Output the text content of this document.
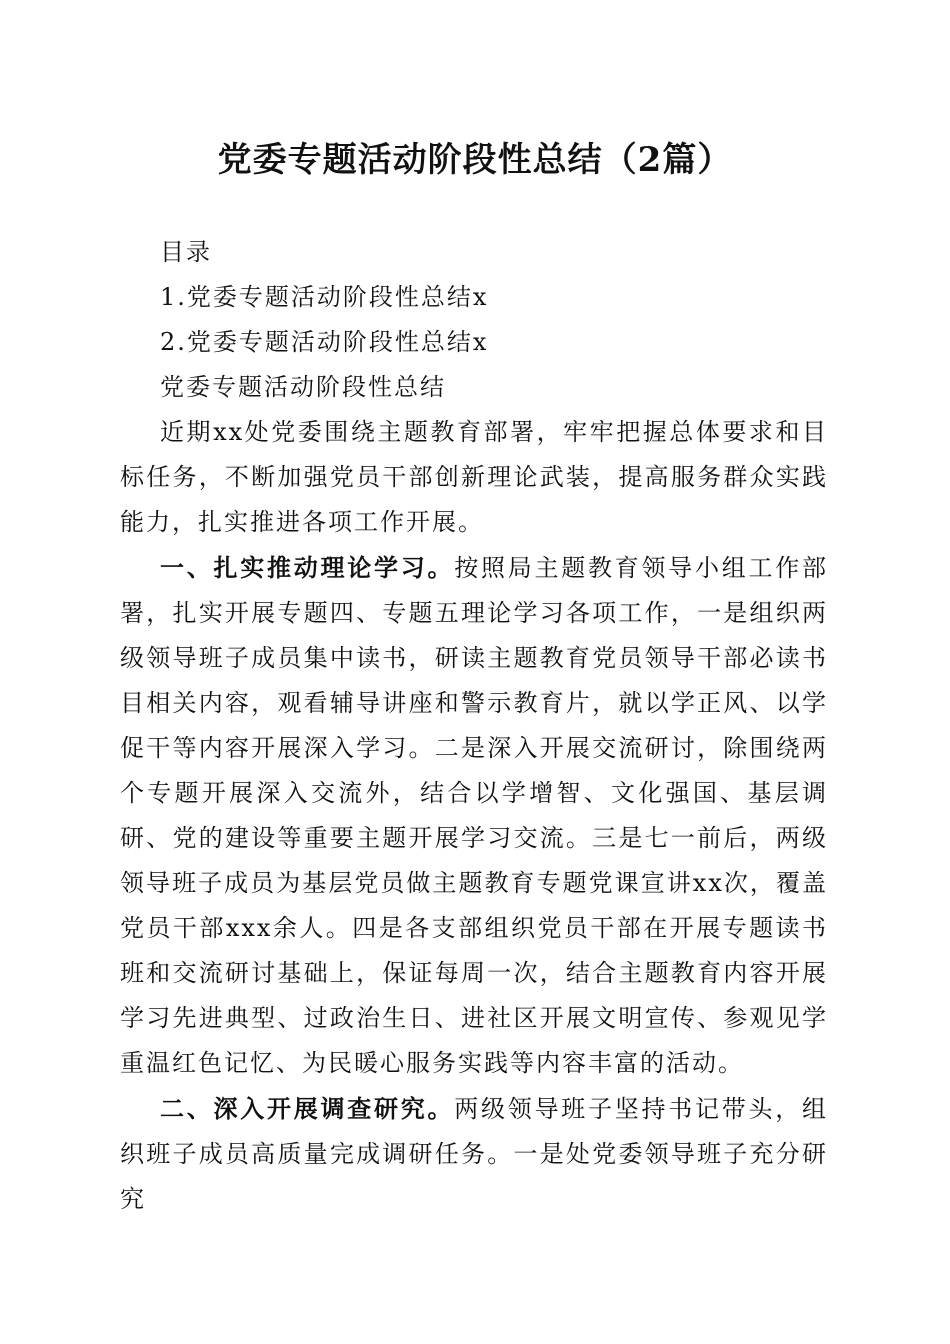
党委专题活动阶段性总结（2篇）

目录

1.党委专题活动阶段性总结x

2.党委专题活动阶段性总结x

党委专题活动阶段性总结

近期xx处党委围绕主题教育部署，牢牢把握总体要求和目标任务，不断加强党员干部创新理论武装，提高服务群众实践能力，扎实推进各项工作开展。

一、扎实推动理论学习。按照局主题教育领导小组工作部署，扎实开展专题四、专题五理论学习各项工作，一是组织两级领导班子成员集中读书，研读主题教育党员领导干部必读书目相关内容，观看辅导讲座和警示教育片，就以学正风、以学促干等内容开展深入学习。二是深入开展交流研讨，除围绕两个专题开展深入交流外，结合以学增智、文化强国、基层调研、党的建设等重要主题开展学习交流。三是七一前后，两级领导班子成员为基层党员做主题教育专题党课宣讲xx次，覆盖党员干部xxx余人。四是各支部组织党员干部在开展专题读书班和交流研讨基础上，保证每周一次，结合主题教育内容开展学习先进典型、过政治生日、进社区开展文明宣传、参观见学重温红色记忆、为民暖心服务实践等内容丰富的活动。

二、深入开展调查研究。两级领导班子坚持书记带头，组织班子成员高质量完成调研任务。一是处党委领导班子充分研究
